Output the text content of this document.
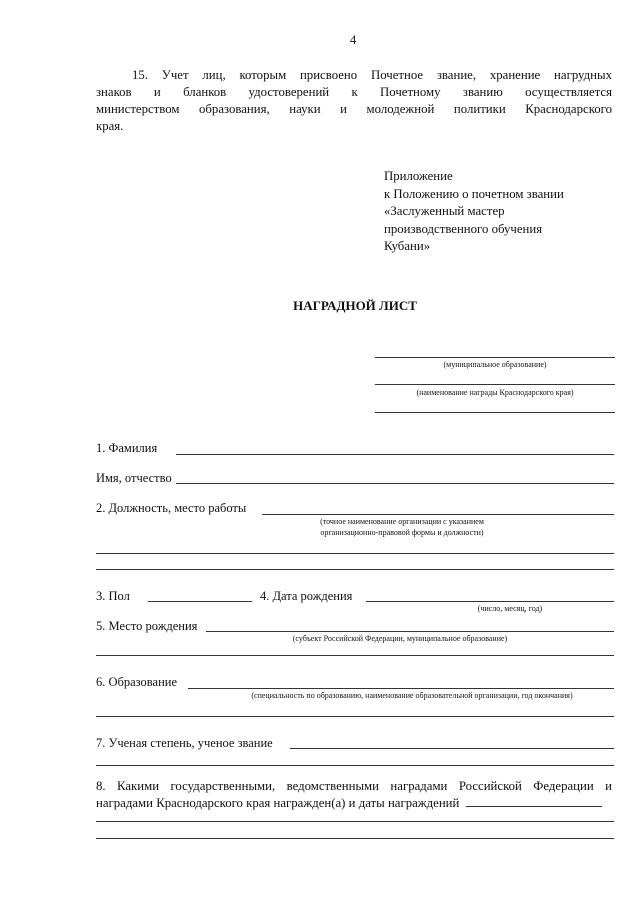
4
15. Учет лиц, которым присвоено Почетное звание, хранение нагрудных
знаков и бланков удостоверений к Почетному званию осуществляется
министерством образования, науки и молодежной политики Краснодарского
края.
Приложение
к Положению о почетном звании
«Заслуженный мастер
производственного обучения
Кубани»
НАГРАДНОЙ ЛИСТ
(муниципальное образование)
(наименование награды Краснодарского края)
1. Фамилия
Имя, отчество
2. Должность, место работы
(точное наименование организации с указанием
организационно-правовой формы и должности)
3. Пол	4. Дата рождения
(число, месяц, год)
5. Место рождения
(субъект Российской Федерации, муниципальное образование)
6. Образование
(специальность по образованию, наименование образовательной организации, год окончания)
7. Ученая степень, ученое звание
8. Какими государственными, ведомственными наградами Российской Федерации и
наградами Краснодарского края награжден(а) и даты награждений
